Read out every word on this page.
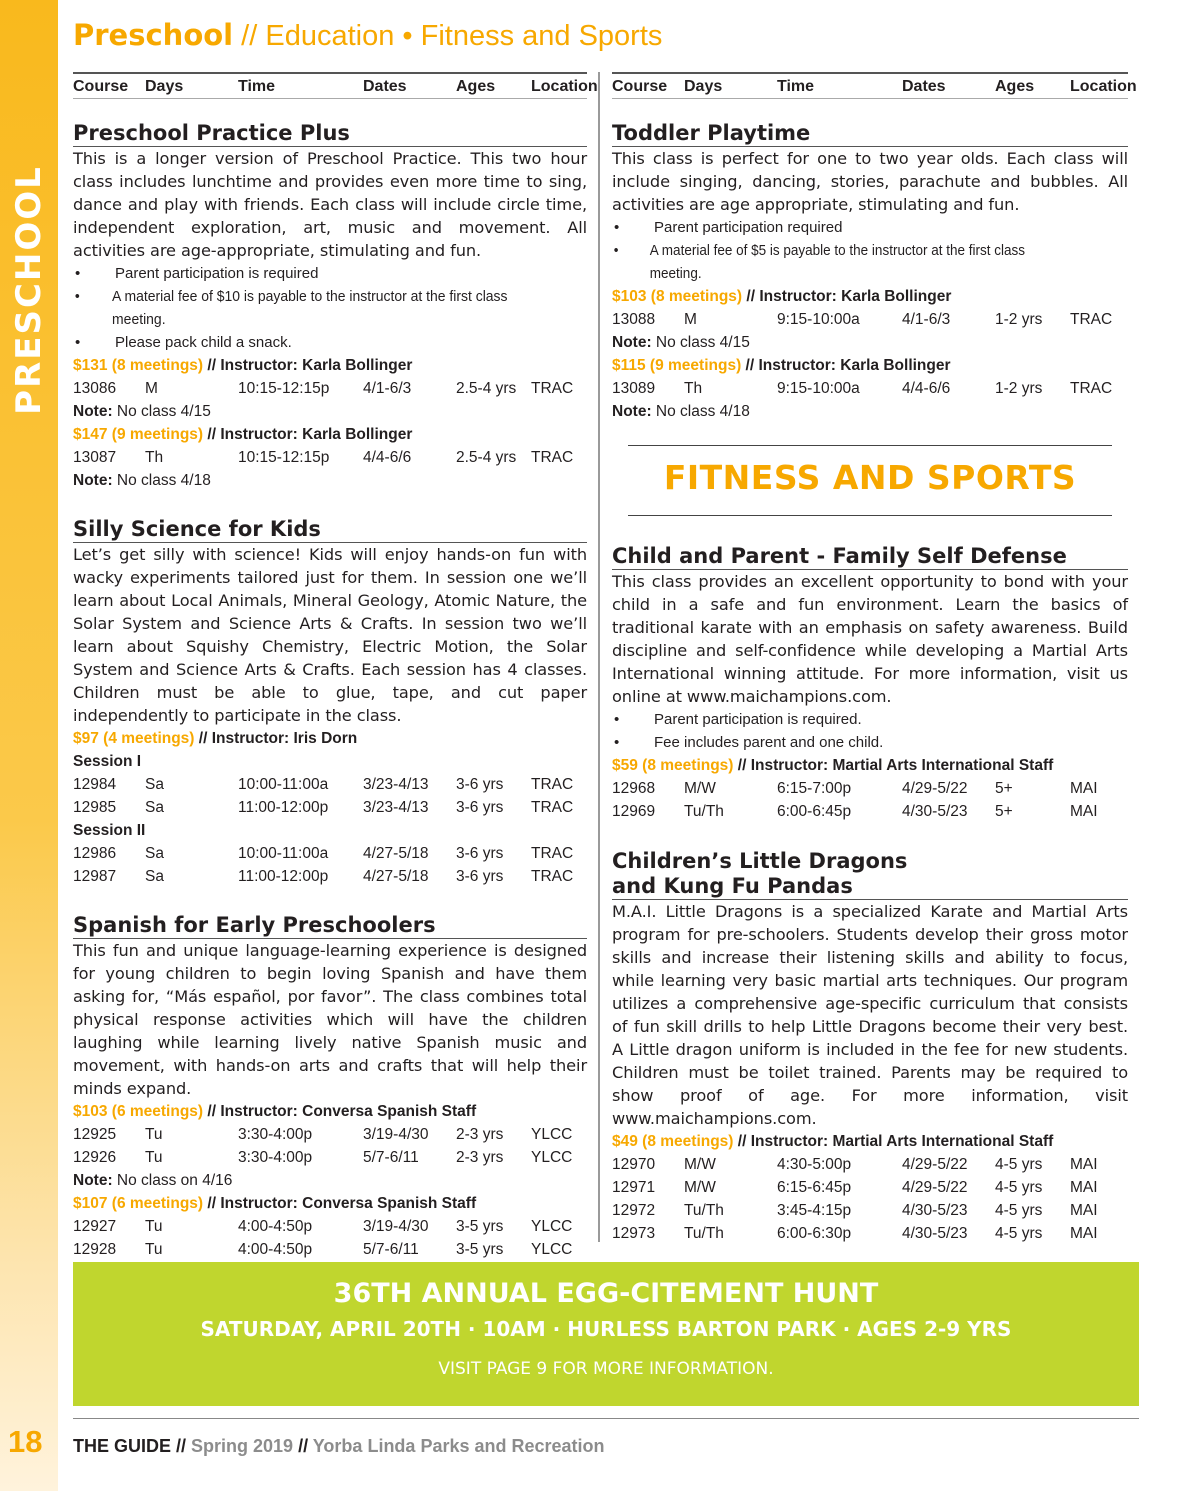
PRESCHOOL
Preschool // Education • Fitness and Sports
Course	Days	Time	Dates	Ages	Location
Preschool Practice Plus

This is a longer version of Preschool Practice. This two hour class includes lunchtime and provides even more time to sing, dance and play with friends. Each class will include circle time, independent exploration, art, music and movement. All activities are age-appropriate, stimulating and fun.

• Parent participation is required
• A material fee of $10 is payable to the instructor at the first class meeting.
• Please pack child a snack.
$131 (8 meetings) // Instructor: Karla Bollinger
13086	M	10:15-12:15p	4/1-6/3	2.5-4 yrs TRAC
Note: No class 4/15
$147 (9 meetings) // Instructor: Karla Bollinger
13087	Th	10:15-12:15p	4/4-6/6	2.5-4 yrs TRAC
Note: No class 4/18
Silly Science for Kids

Let’s get silly with science! Kids will enjoy hands-on fun with wacky experiments tailored just for them. In session one we’ll learn about Local Animals, Mineral Geology, Atomic Nature, the Solar System and Science Arts & Crafts. In session two we’ll learn about Squishy Chemistry, Electric Motion, the Solar System and Science Arts & Crafts. Each session has 4 classes. Children must be able to glue, tape, and cut paper independently to participate in the class.

$97 (4 meetings) // Instructor: Iris Dorn
Session I
12984	Sa	10:00-11:00a	3/23-4/13	3-6 yrs	TRAC
12985	Sa	11:00-12:00p	3/23-4/13	3-6 yrs	TRAC
Session II
12986	Sa	10:00-11:00a	4/27-5/18	3-6 yrs	TRAC
12987	Sa	11:00-12:00p	4/27-5/18	3-6 yrs	TRAC
Spanish for Early Preschoolers

This fun and unique language-learning experience is designed for young children to begin loving Spanish and have them asking for, “Más español, por favor”. The class combines total physical response activities which will have the children laughing while learning lively native Spanish music and movement, with hands-on arts and crafts that will help their minds expand.

$103 (6 meetings) // Instructor: Conversa Spanish Staff
12925	Tu	3:30-4:00p	3/19-4/30	2-3 yrs	YLCC
12926	Tu	3:30-4:00p	5/7-6/11	2-3 yrs	YLCC
Note: No class on 4/16
$107 (6 meetings) // Instructor: Conversa Spanish Staff
12927	Tu	4:00-4:50p	3/19-4/30	3-5 yrs	YLCC
12928	Tu	4:00-4:50p	5/7-6/11	3-5 yrs	YLCC
Course	Days	Time	Dates	Ages	Location
Toddler Playtime

This class is perfect for one to two year olds. Each class will include singing, dancing, stories, parachute and bubbles. All activities are age appropriate, stimulating and fun.

• Parent participation required
• A material fee of $5 is payable to the instructor at the first class meeting.
$103 (8 meetings) // Instructor: Karla Bollinger
13088	M	9:15-10:00a	4/1-6/3	1-2 yrs	TRAC
Note: No class 4/15
$115 (9 meetings) // Instructor: Karla Bollinger
13089	Th	9:15-10:00a	4/4-6/6	1-2 yrs	TRAC
Note: No class 4/18
FITNESS AND SPORTS
Child and Parent - Family Self Defense

This class provides an excellent opportunity to bond with your child in a safe and fun environment. Learn the basics of traditional karate with an emphasis on safety awareness. Build discipline and self-confidence while developing a Martial Arts International winning attitude. For more information, visit us online at www.maichampions.com.

• Parent participation is required.
• Fee includes parent and one child.
$59 (8 meetings) // Instructor: Martial Arts International Staff
12968	M/W	6:15-7:00p	4/29-5/22	5+	MAI
12969	Tu/Th	6:00-6:45p	4/30-5/23	5+	MAI
Children’s Little Dragons
and Kung Fu Pandas

M.A.I. Little Dragons is a specialized Karate and Martial Arts program for pre-schoolers. Students develop their gross motor skills and increase their listening skills and ability to focus, while learning very basic martial arts techniques. Our program utilizes a comprehensive age-specific curriculum that consists of fun skill drills to help Little Dragons become their very best. A Little dragon uniform is included in the fee for new students. Children must be toilet trained. Parents may be required to show proof of age. For more information, visit www.maichampions.com.

$49 (8 meetings) // Instructor: Martial Arts International Staff
12970	M/W	4:30-5:00p	4/29-5/22	4-5 yrs	MAI
12971	M/W	6:15-6:45p	4/29-5/22	4-5 yrs	MAI
12972	Tu/Th	3:45-4:15p	4/30-5/23	4-5 yrs	MAI
12973	Tu/Th	6:00-6:30p	4/30-5/23	4-5 yrs	MAI
36TH ANNUAL EGG-CITEMENT HUNT
SATURDAY, APRIL 20TH · 10AM · HURLESS BARTON PARK · AGES 2-9 YRS
VISIT PAGE 9 FOR MORE INFORMATION.
18 THE GUIDE // Spring 2019 // Yorba Linda Parks and Recreation
